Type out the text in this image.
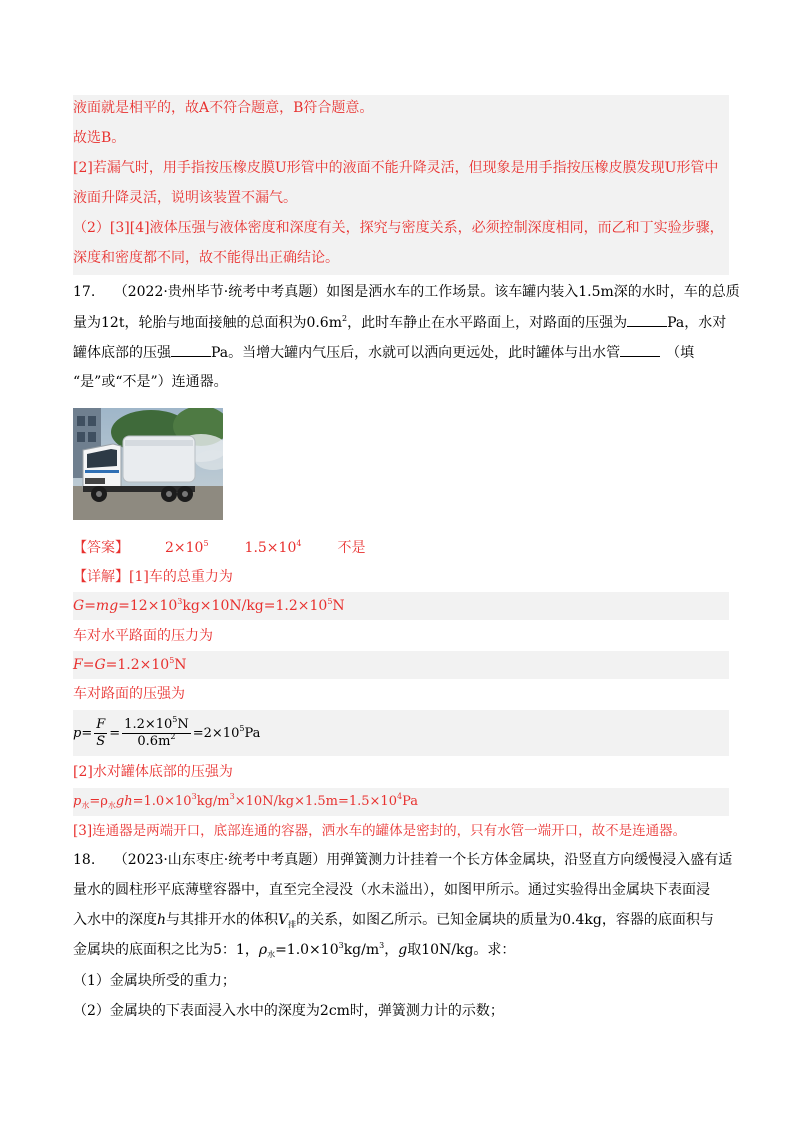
液面就是相平的，故A不符合题意，B符合题意。
故选B。
[2]若漏气时，用手指按压橡皮膜U形管中的液面不能升降灵活，但现象是用手指按压橡皮膜发现U形管中
液面升降灵活，说明该装置不漏气。
（2）[3][4]液体压强与液体密度和深度有关，探究与密度关系，必须控制深度相同，而乙和丁实验步骤，
深度和密度都不同，故不能得出正确结论。
17. （2022·贵州毕节·统考中考真题）如图是洒水车的工作场景。该车罐内装入1.5m深的水时，车的总质
量为12t，轮胎与地面接触的总面积为$0.6m^2$，此时车静止在水平路面上，对路面的压强为	Pa，水对
罐体底部的压强	Pa。当增大罐内气压后，水就可以洒向更远处，此时罐体与出水管	（填
“是”或“不是”）连通器。
【答案】	$2\times 10^5$	$1.5\times 10^4$	不是
【详解】[1]车的总重力为
$G=mg=12\times 10^3kg\times 10N/kg=1.2\times 10^5N$
车对水平路面的压力为
$F=G=1.2\times 10^5N$
车对路面的压强为
$p= \frac{F}{S} = \frac{1.2\times 10^5N}{0.6m^2} =2\times 10^5Pa$
[2]水对罐体底部的压强为
$p_水=\rho_水gh=1.0\times 10^3kg/m^3\times 10N/kg\times 1.5m=1.5\times 10^4Pa$
[3]连通器是两端开口，底部连通的容器，洒水车的罐体是密封的，只有水管一端开口，故不是连通器。
18. （2023·山东枣庄·统考中考真题）用弹簧测力计挂着一个长方体金属块，沿竖直方向缓慢浸入盛有适
量水的圆柱形平底薄壁容器中，直至完全浸没（水未溢出），如图甲所示。通过实验得出金属块下表面浸
入水中的深度h与其排开水的体积$V_排$的关系，如图乙所示。已知金属块的质量为0.4kg，容器的底面积与
金属块的底面积之比为5：1，$\rho_水=1.0\times 10^3kg/m^3$，g取10N/kg。求：
（1）金属块所受的重力；
（2）金属块的下表面浸入水中的深度为2cm时，弹簧测力计的示数；
